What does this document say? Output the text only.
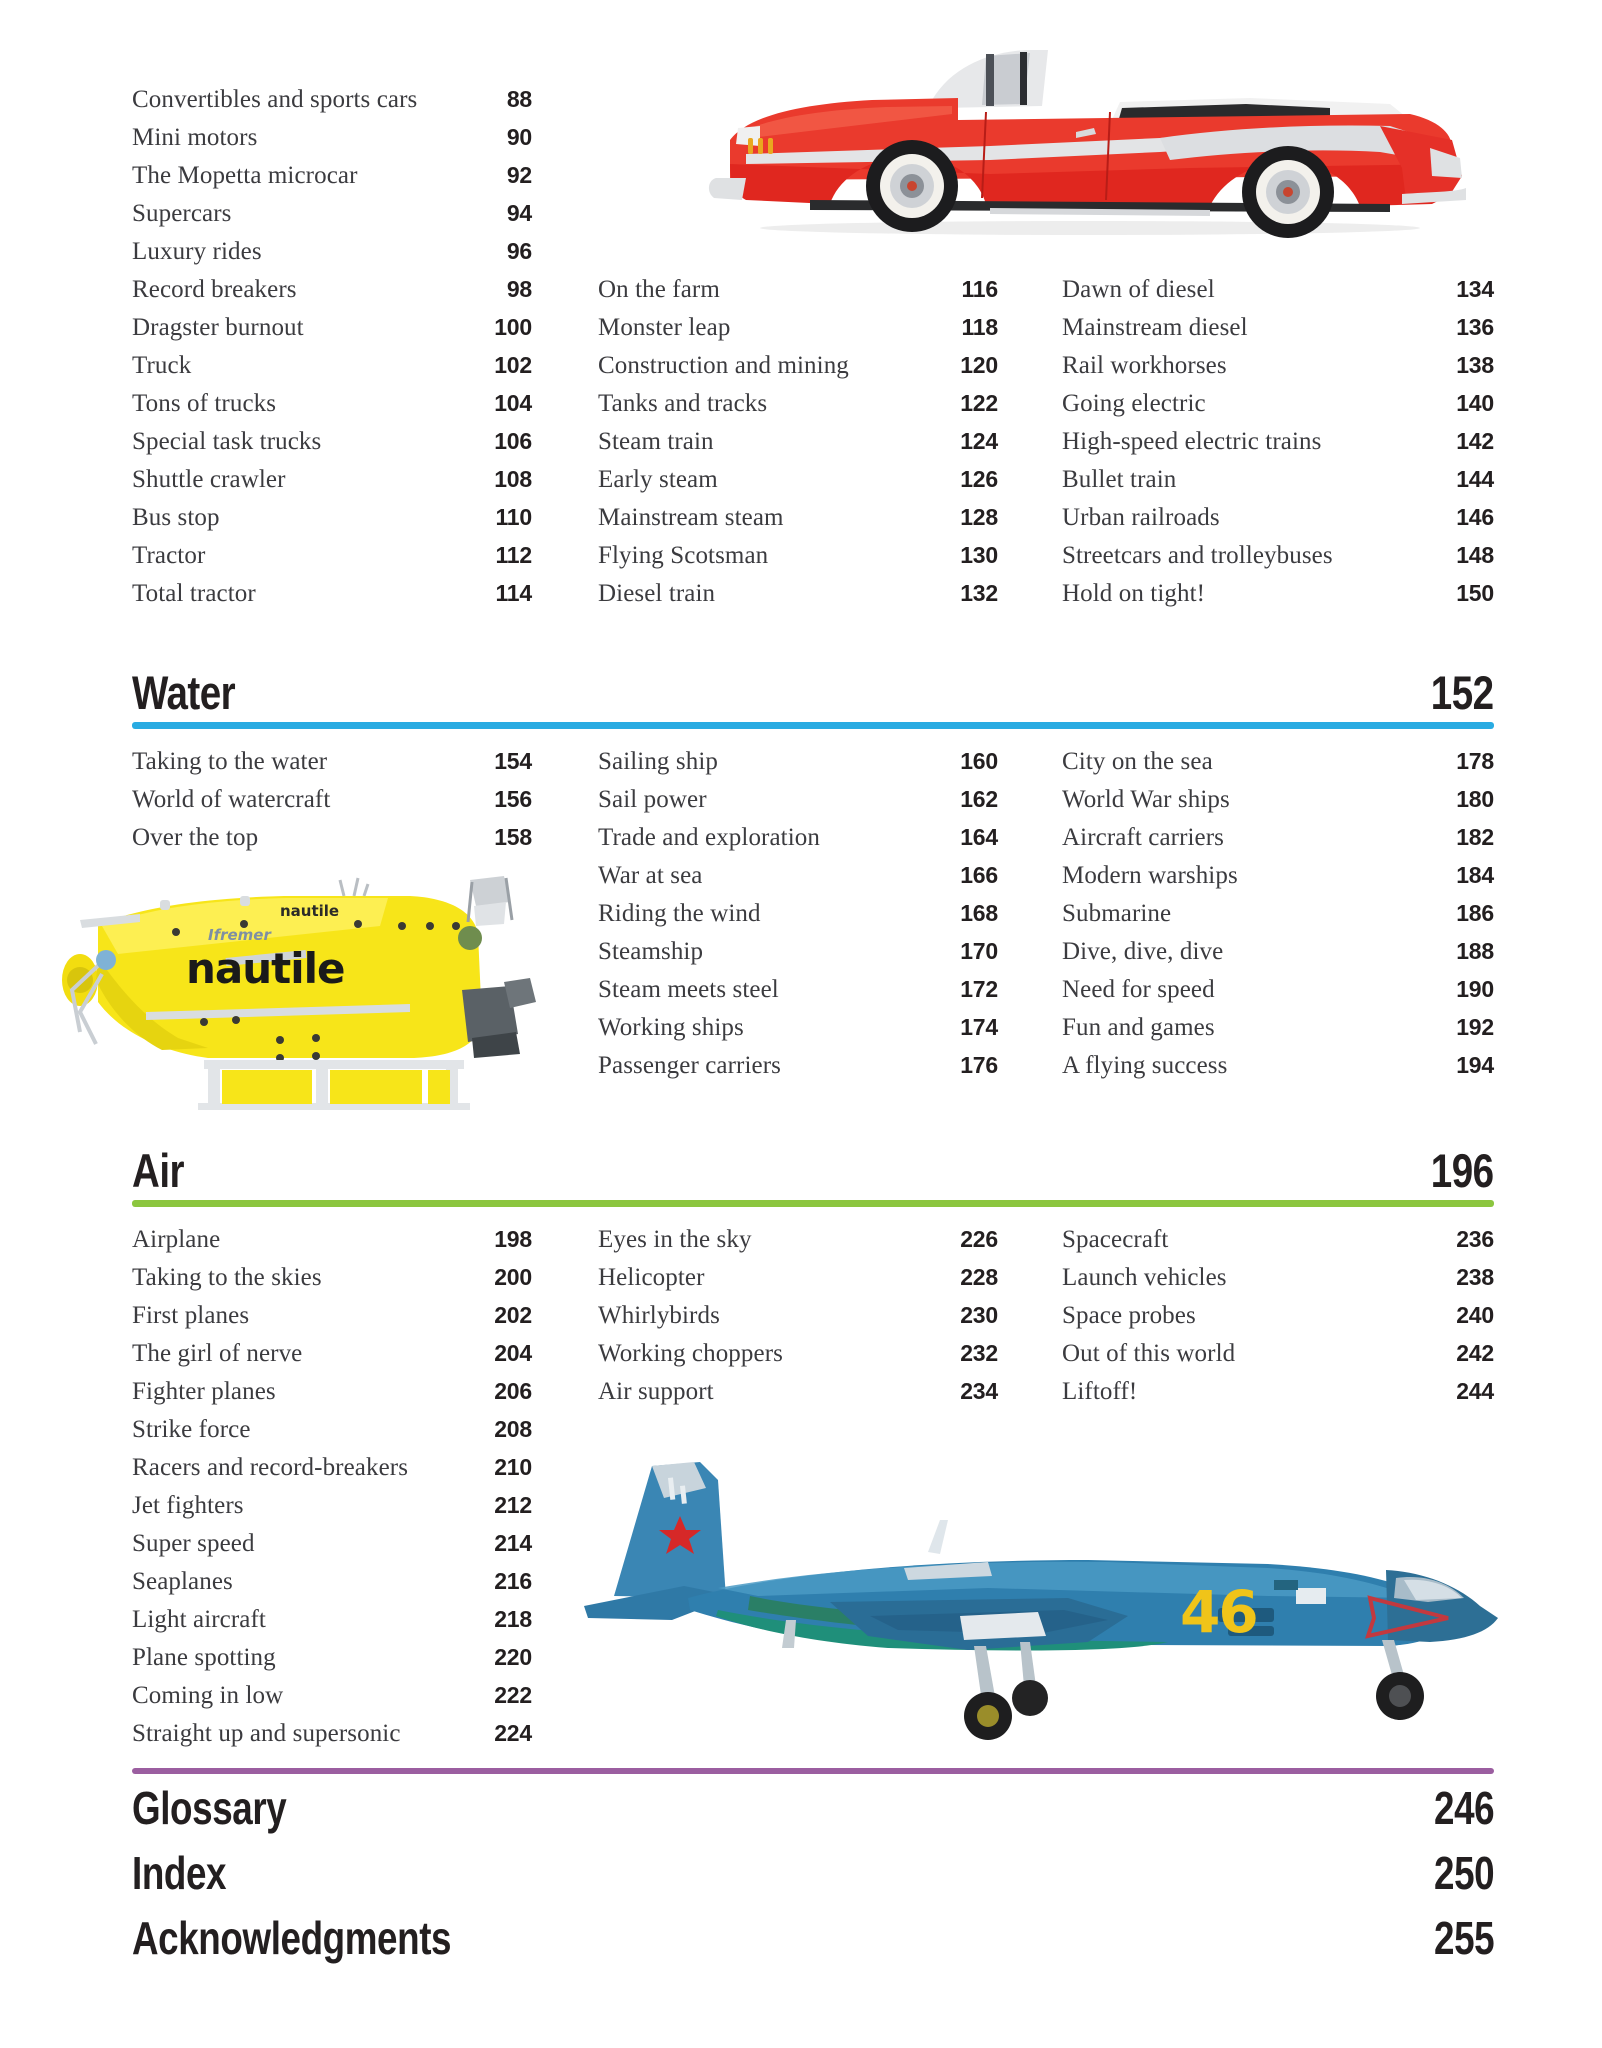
Convertibles and sports cars	88
Mini motors	90
The Mopetta microcar	92
Supercars	94
Luxury rides	96
Record breakers	98
Dragster burnout	100
Truck	102
Tons of trucks	104
Special task trucks	106
Shuttle crawler	108
Bus stop	110
Tractor	112
Total tractor	114
On the farm	116
Monster leap	118
Construction and mining	120
Tanks and tracks	122
Steam train	124
Early steam	126
Mainstream steam	128
Flying Scotsman	130
Diesel train	132
Dawn of diesel	134
Mainstream diesel	136
Rail workhorses	138
Going electric	140
High-speed electric trains	142
Bullet train	144
Urban railroads	146
Streetcars and trolleybuses	148
Hold on tight!	150
Water	152
Taking to the water	154
World of watercraft	156
Over the top	158
Sailing ship	160
Sail power	162
Trade and exploration	164
War at sea	166
Riding the wind	168
Steamship	170
Steam meets steel	172
Working ships	174
Passenger carriers	176
City on the sea	178
World War ships	180
Aircraft carriers	182
Modern warships	184
Submarine	186
Dive, dive, dive	188
Need for speed	190
Fun and games	192
A flying success	194
nautile
nautile
Ifremer
Air	196
Airplane	198
Taking to the skies	200
First planes	202
The girl of nerve	204
Fighter planes	206
Strike force	208
Racers and record-breakers	210
Jet fighters	212
Super speed	214
Seaplanes	216
Light aircraft	218
Plane spotting	220
Coming in low	222
Straight up and supersonic	224
Eyes in the sky	226
Helicopter	228
Whirlybirds	230
Working choppers	232
Air support	234
Spacecraft	236
Launch vehicles	238
Space probes	240
Out of this world	242
Liftoff!	244
46
Glossary	246
Index	250
Acknowledgments	255
